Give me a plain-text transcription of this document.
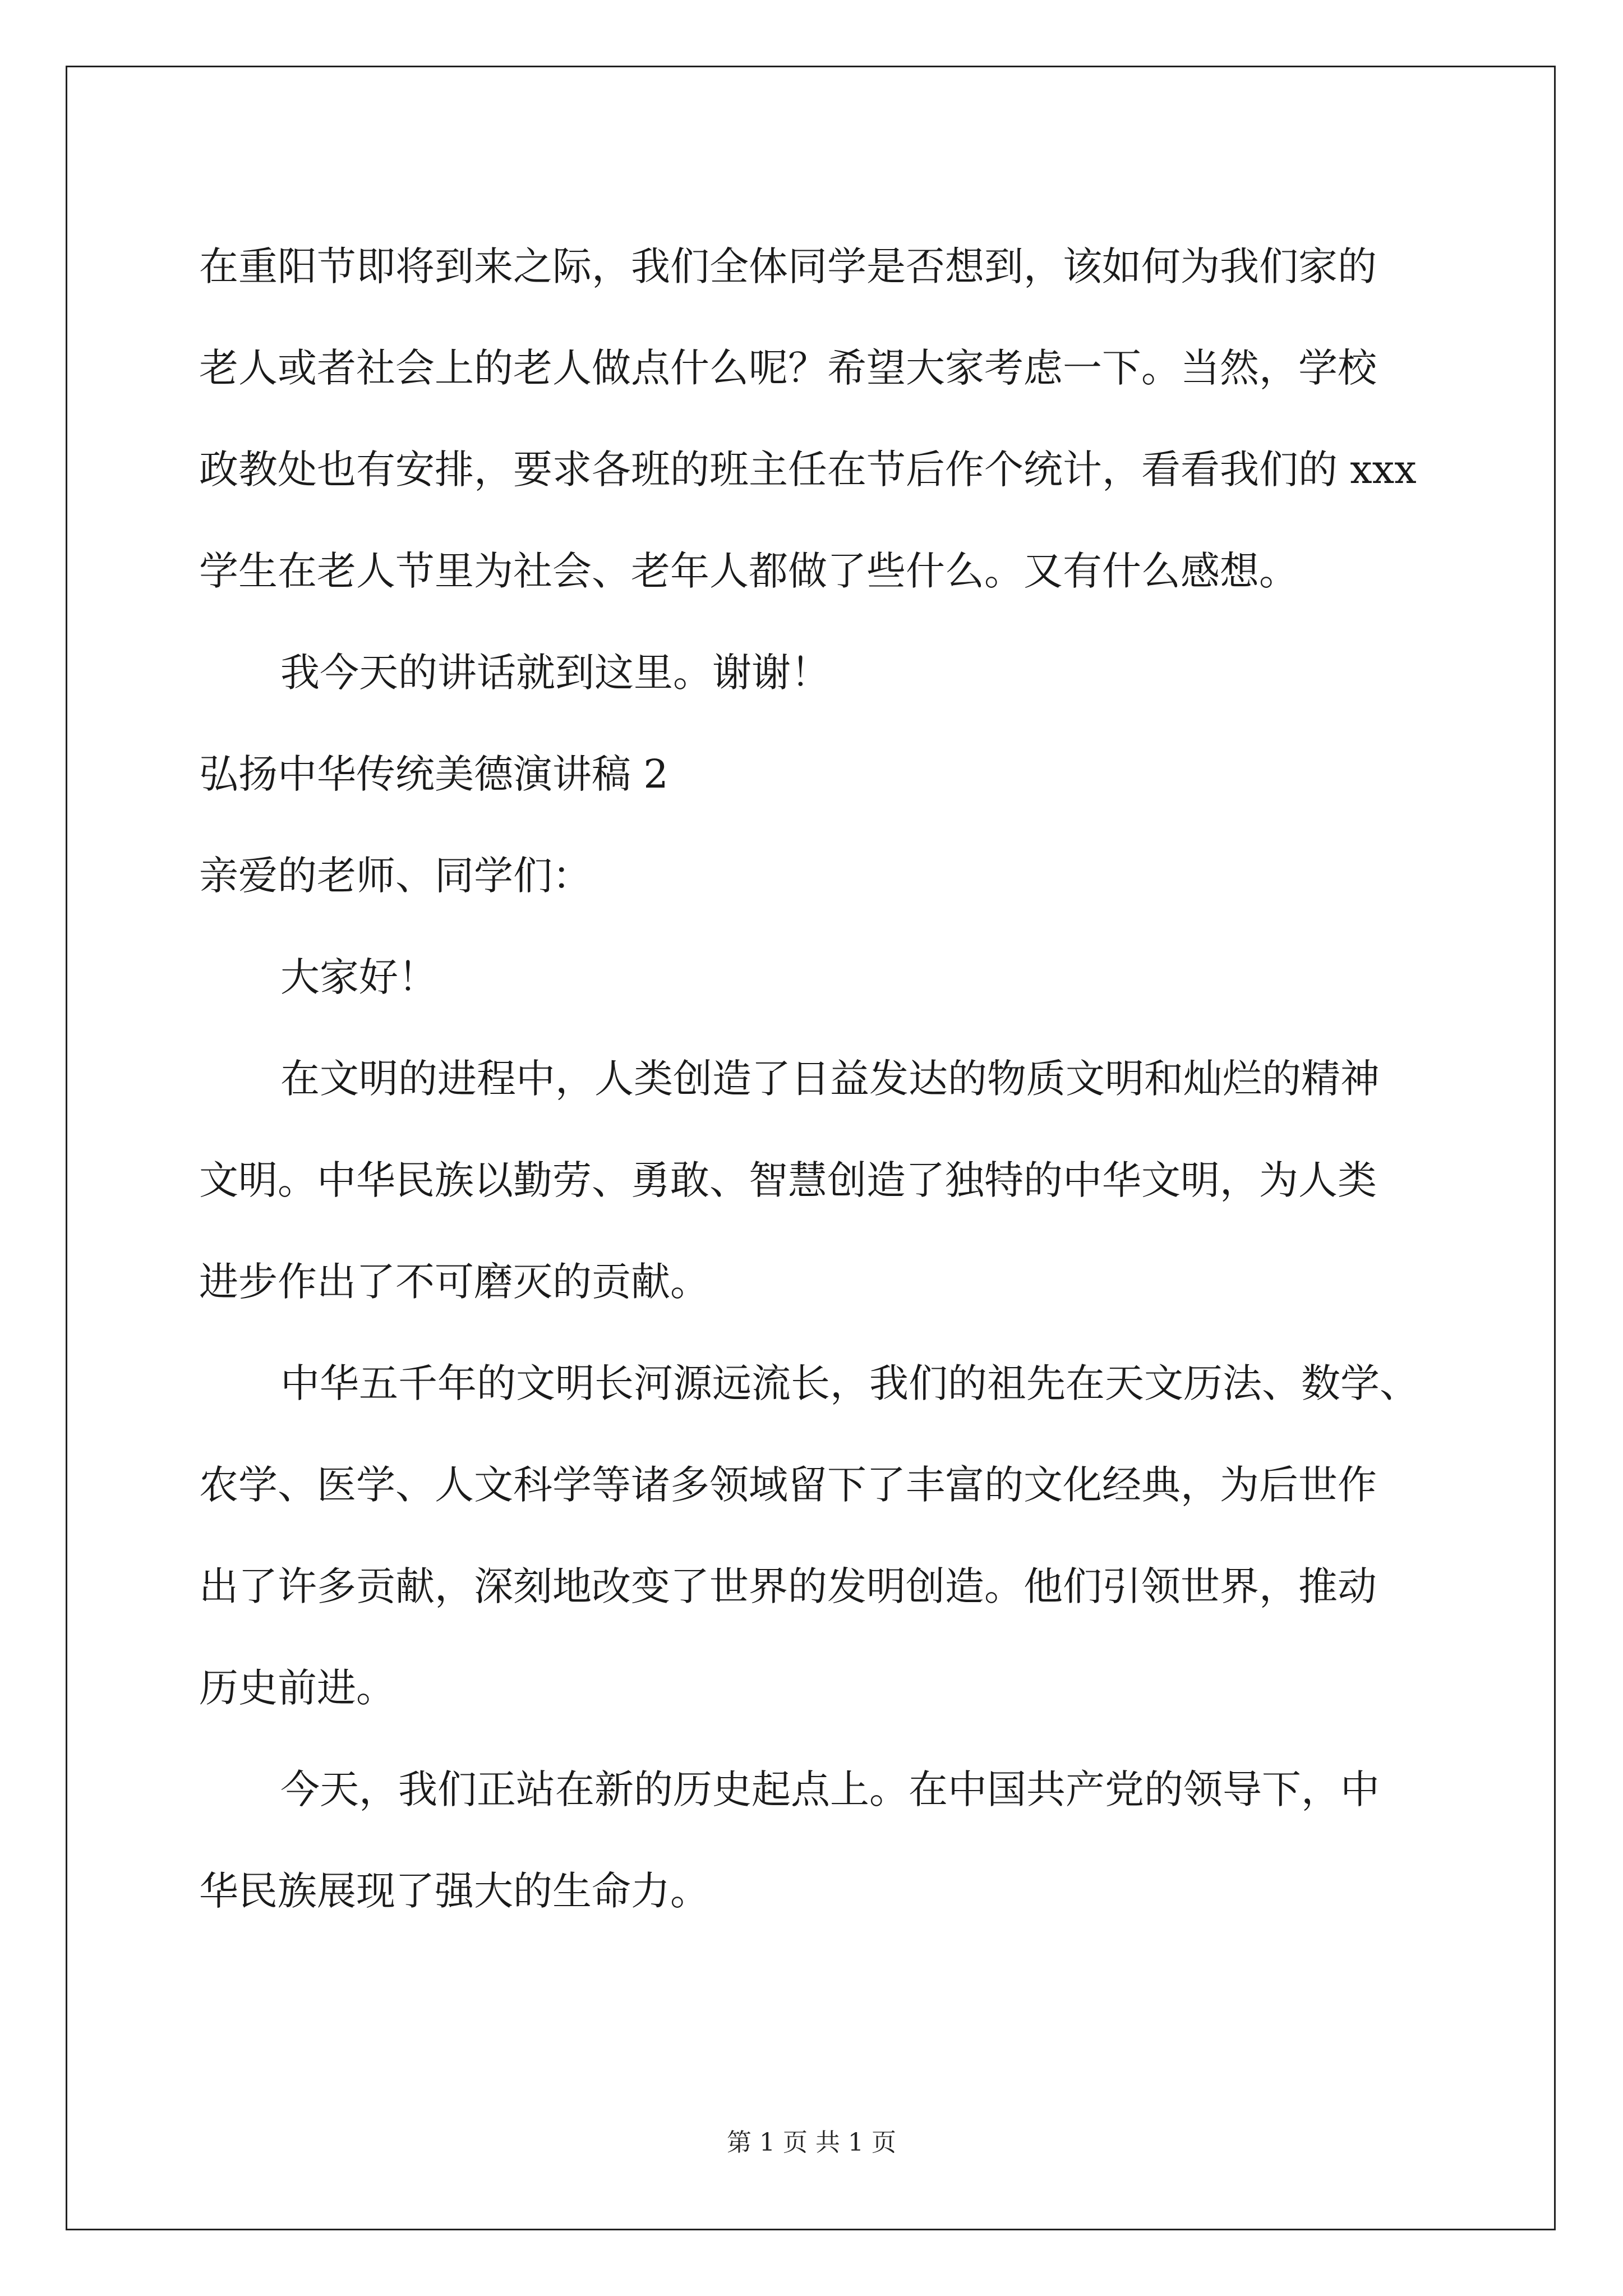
在重阳节即将到来之际，我们全体同学是否想到，该如何为我们家的
老人或者社会上的老人做点什么呢？希望大家考虑一下。当然，学校
政教处也有安排，要求各班的班主任在节后作个统计，看看我们的 xxx
学生在老人节里为社会、老年人都做了些什么。又有什么感想。
我今天的讲话就到这里。谢谢！
弘扬中华传统美德演讲稿 2
亲爱的老师、同学们：
大家好！
在文明的进程中，人类创造了日益发达的物质文明和灿烂的精神
文明。中华民族以勤劳、勇敢、智慧创造了独特的中华文明，为人类
进步作出了不可磨灭的贡献。
中华五千年的文明长河源远流长，我们的祖先在天文历法、数学、
农学、医学、人文科学等诸多领域留下了丰富的文化经典，为后世作
出了许多贡献，深刻地改变了世界的发明创造。他们引领世界，推动
历史前进。
今天，我们正站在新的历史起点上。在中国共产党的领导下，中
华民族展现了强大的生命力。
第 1 页 共 1 页
